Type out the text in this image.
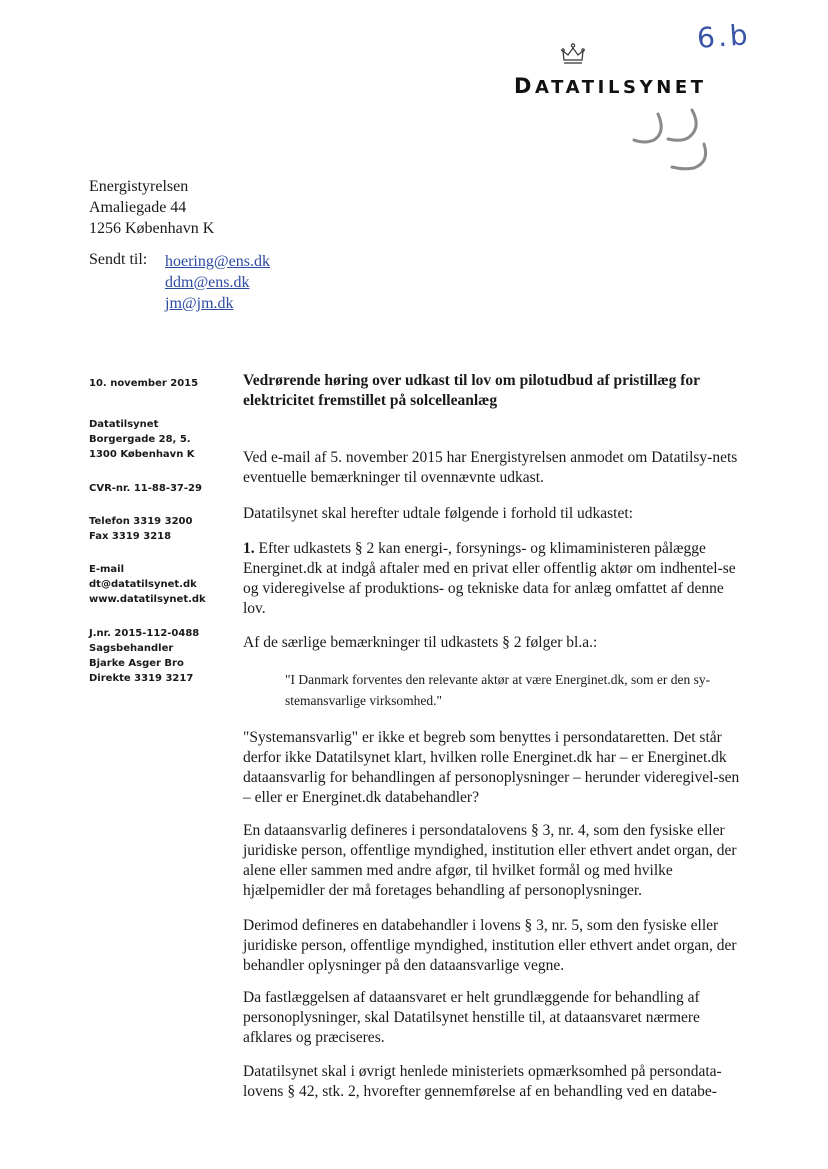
6.b
DATATILSYNET
Energistyrelsen
Amaliegade 44
1256 København K
Sendt til: hoering@ens.dk
ddm@ens.dk
jm@jm.dk
10. november 2015
Datatilsynet
Borgergade 28, 5.
1300 København K
CVR-nr. 11-88-37-29
Telefon 3319 3200
Fax 3319 3218
E-mail
dt@datatilsynet.dk
www.datatilsynet.dk
J.nr. 2015-112-0488
Sagsbehandler
Bjarke Asger Bro
Direkte 3319 3217
Vedrørende høring over udkast til lov om pilotudbud af pristillæg for elektricitet fremstillet på solcelleanlæg

Ved e-mail af 5. november 2015 har Energistyrelsen anmodet om Datatilsy-nets eventuelle bemærkninger til ovennævnte udkast.

Datatilsynet skal herefter udtale følgende i forhold til udkastet:

1. Efter udkastets § 2 kan energi-, forsynings- og klimaministeren pålægge Energinet.dk at indgå aftaler med en privat eller offentlig aktør om indhentel-se og videregivelse af produktions- og tekniske data for anlæg omfattet af denne lov.

Af de særlige bemærkninger til udkastets § 2 følger bl.a.:

"I Danmark forventes den relevante aktør at være Energinet.dk, som er den sy-stemansvarlige virksomhed."

"Systemansvarlig" er ikke et begreb som benyttes i persondataretten. Det står derfor ikke Datatilsynet klart, hvilken rolle Energinet.dk har – er Energinet.dk dataansvarlig for behandlingen af personoplysninger – herunder videregivel-sen – eller er Energinet.dk databehandler?

En dataansvarlig defineres i persondatalovens § 3, nr. 4, som den fysiske eller juridiske person, offentlige myndighed, institution eller ethvert andet organ, der alene eller sammen med andre afgør, til hvilket formål og med hvilke hjælpemidler der må foretages behandling af personoplysninger.

Derimod defineres en databehandler i lovens § 3, nr. 5, som den fysiske eller juridiske person, offentlige myndighed, institution eller ethvert andet organ, der behandler oplysninger på den dataansvarlige vegne.

Da fastlæggelsen af dataansvaret er helt grundlæggende for behandling af personoplysninger, skal Datatilsynet henstille til, at dataansvaret nærmere afklares og præciseres.

Datatilsynet skal i øvrigt henlede ministeriets opmærksomhed på persondata-lovens § 42, stk. 2, hvorefter gennemførelse af en behandling ved en databe-
